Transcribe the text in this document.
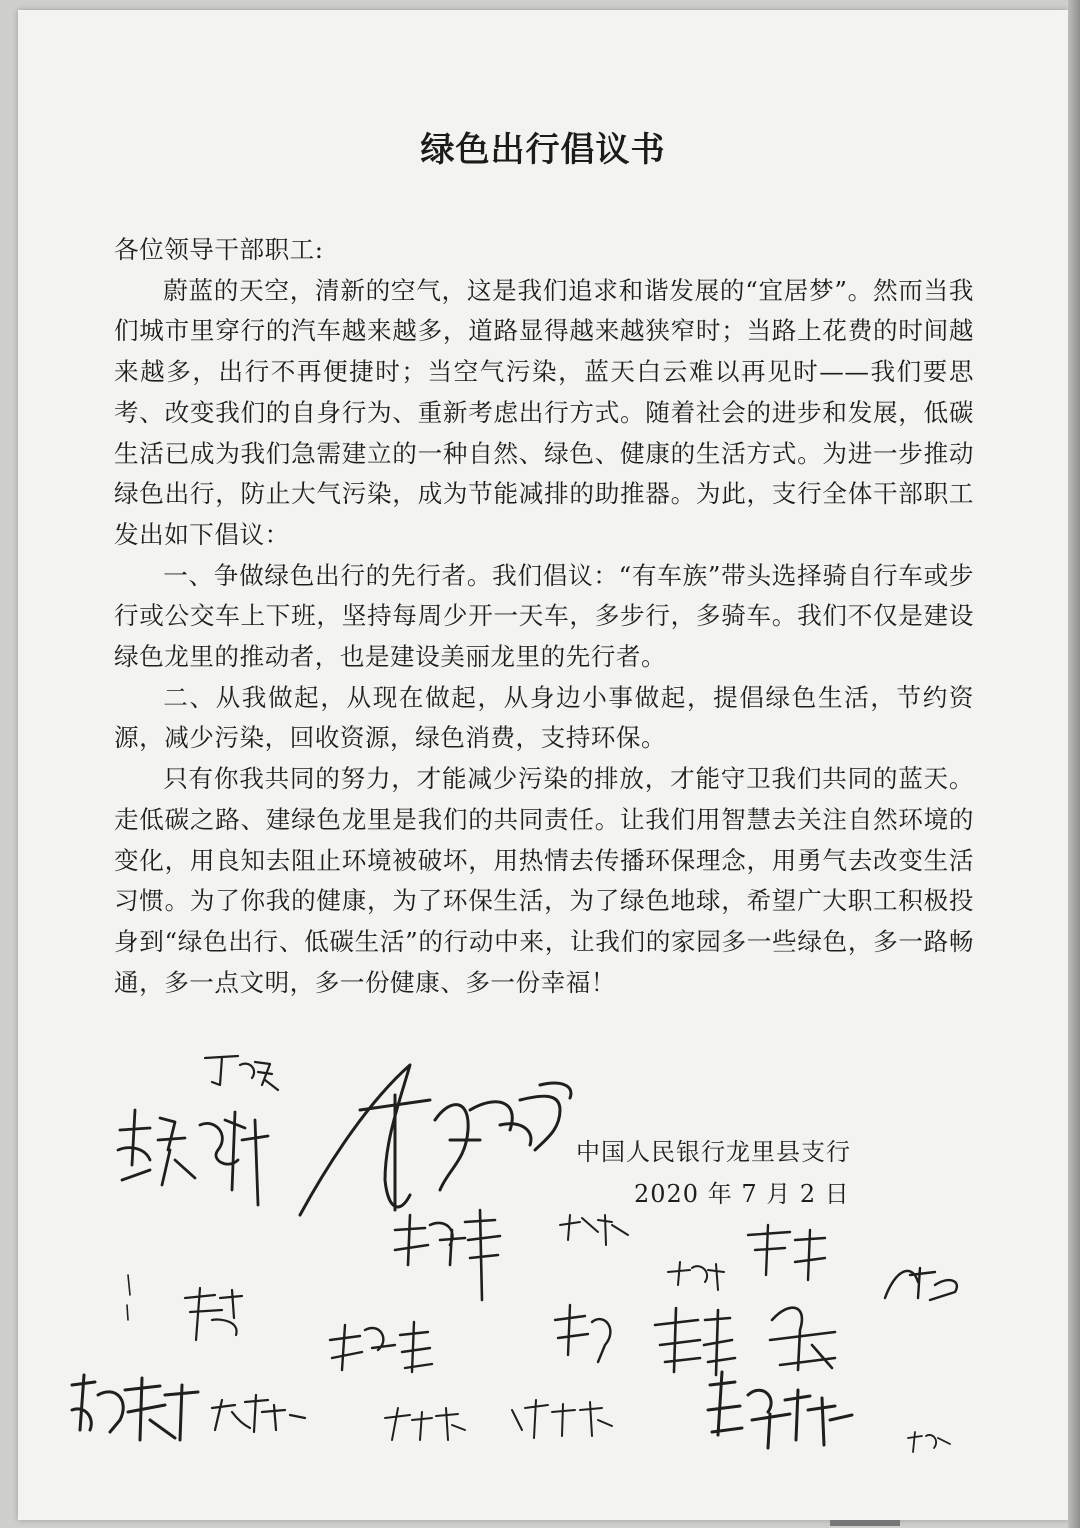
绿色出行倡议书

各位领导干部职工:

蔚蓝的天空，清新的空气，这是我们追求和谐发展的“宜居梦”。然而当我们城市里穿行的汽车越来越多，道路显得越来越狭窄时；当路上花费的时间越来越多，出行不再便捷时；当空气污染，蓝天白云难以再见时——我们要思考、改变我们的自身行为、重新考虑出行方式。随着社会的进步和发展，低碳生活已成为我们急需建立的一种自然、绿色、健康的生活方式。为进一步推动绿色出行，防止大气污染，成为节能减排的助推器。为此，支行全体干部职工发出如下倡议：

一、争做绿色出行的先行者。我们倡议：“有车族”带头选择骑自行车或步行或公交车上下班，坚持每周少开一天车，多步行，多骑车。我们不仅是建设绿色龙里的推动者，也是建设美丽龙里的先行者。

二、从我做起，从现在做起，从身边小事做起，提倡绿色生活，节约资源，减少污染，回收资源，绿色消费，支持环保。

只有你我共同的努力，才能减少污染的排放，才能守卫我们共同的蓝天。走低碳之路、建绿色龙里是我们的共同责任。让我们用智慧去关注自然环境的变化，用良知去阻止环境被破坏，用热情去传播环保理念，用勇气去改变生活习惯。为了你我的健康，为了环保生活，为了绿色地球，希望广大职工积极投身到“绿色出行、低碳生活”的行动中来，让我们的家园多一些绿色，多一路畅通，多一点文明，多一份健康、多一份幸福！

中国人民银行龙里县支行
2020 年 7 月 2 日
